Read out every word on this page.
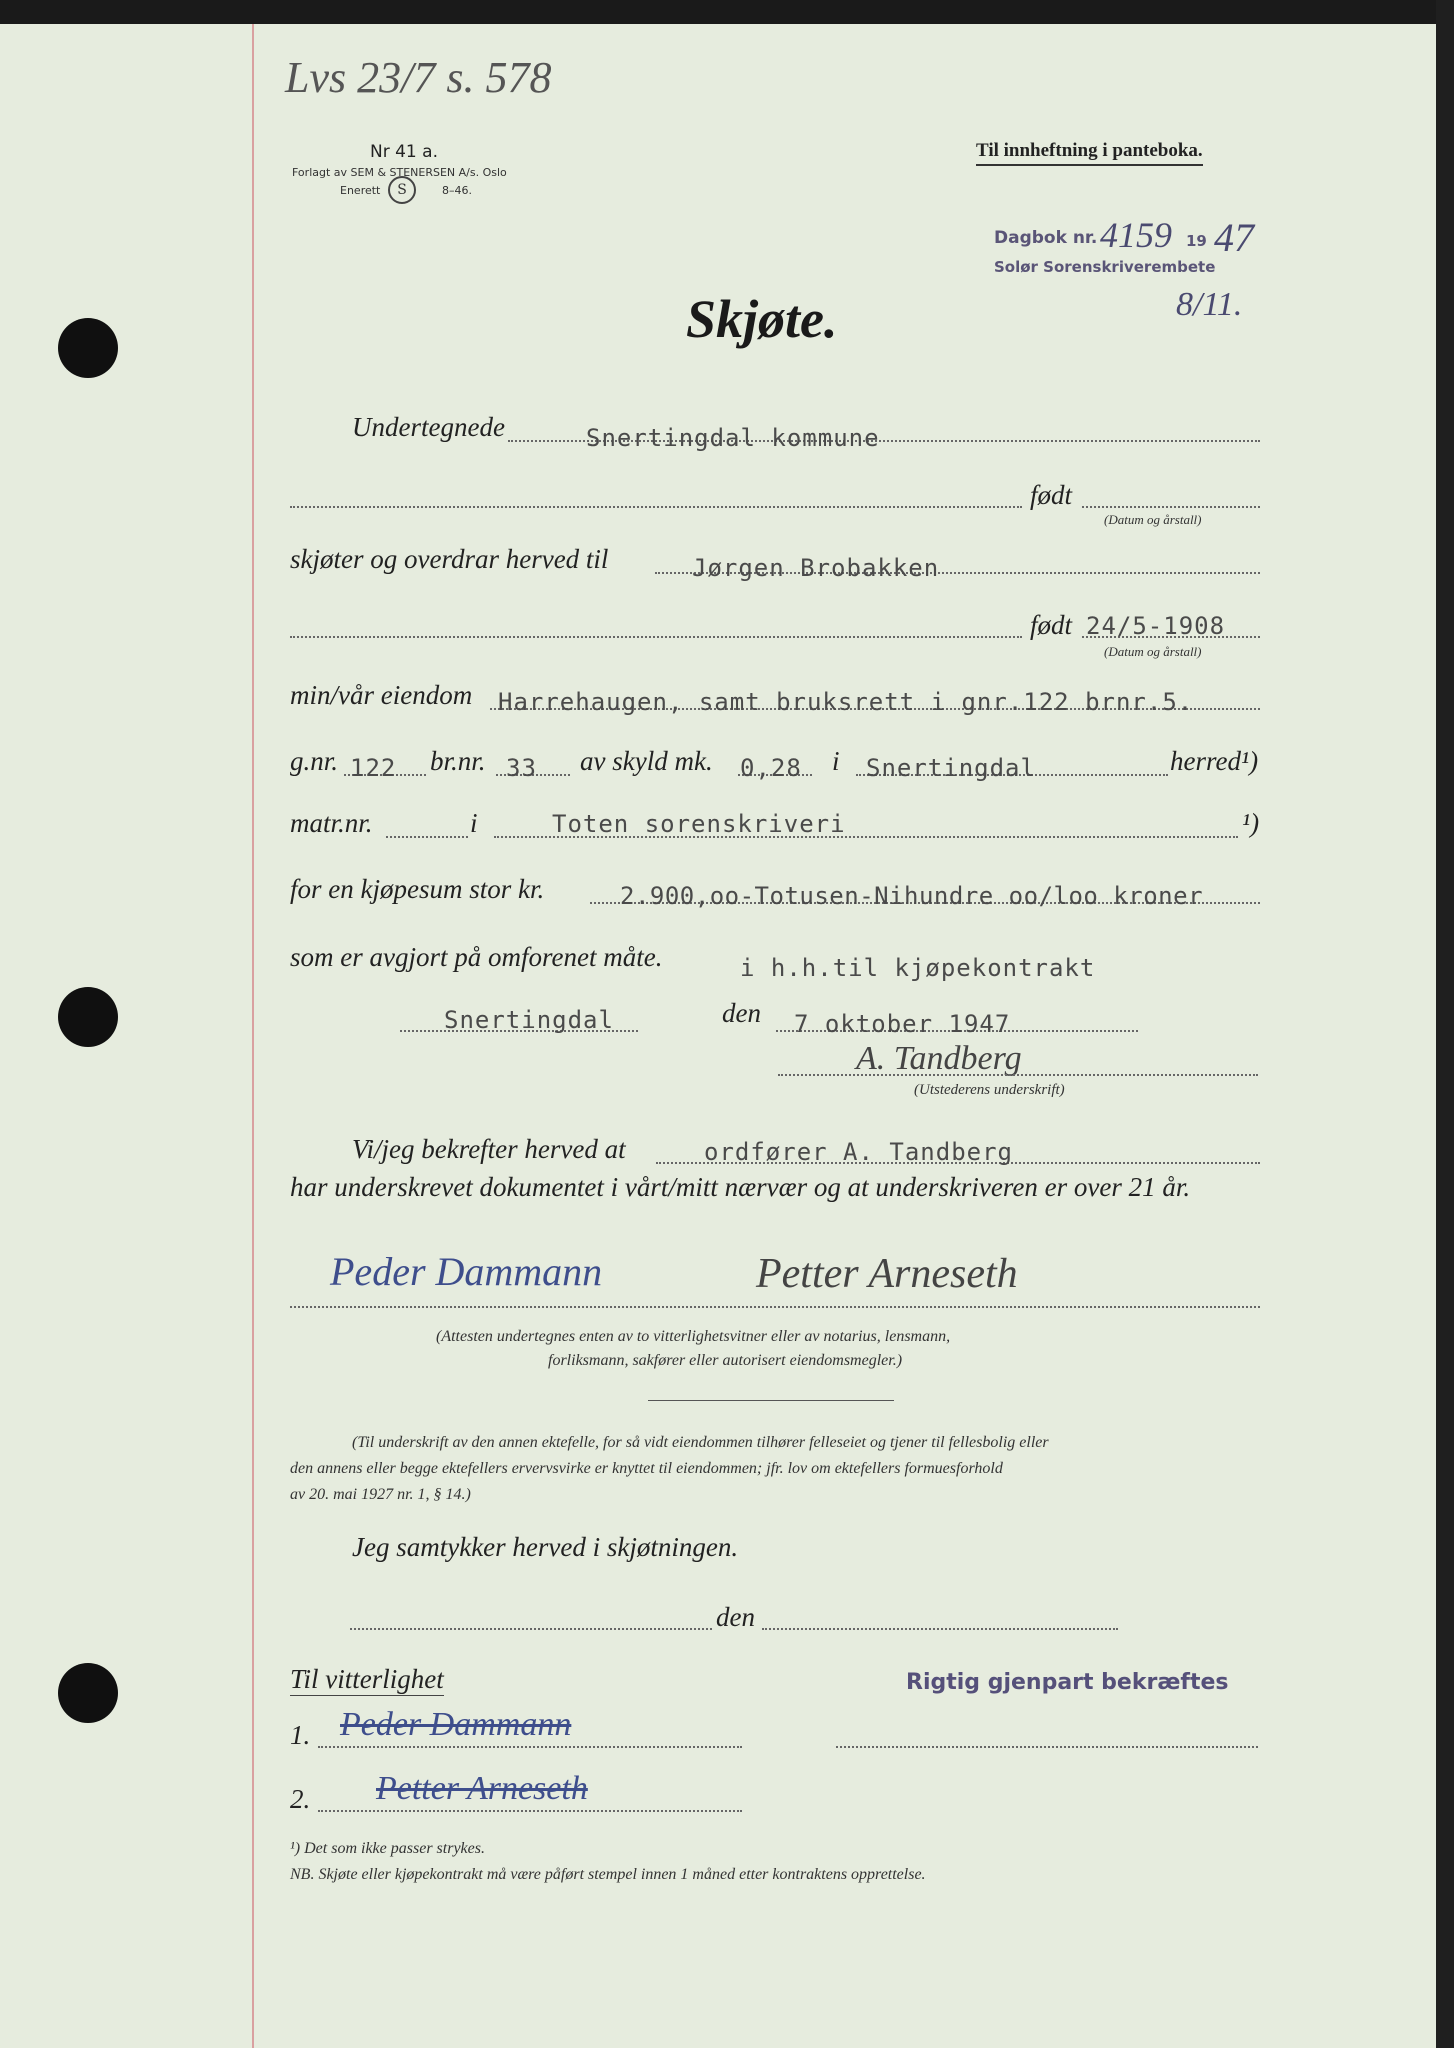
Lvs 23/7 s. 578
Nr 41 a.
Forlagt av SEM & STENERSEN A/s. Oslo
Enerett	S	8–46.
Til innheftning i panteboka.
Dagbok nr. 4159 19 47
Solør Sorenskriverembete
8/11.
Skjøte.
Undertegnede	Snertingdal kommune
født
(Datum og årstall)
skjøter og overdrar herved til	Jørgen Brobakken
født 24/5-1908
(Datum og årstall)
min/vår eiendom Harrehaugen, samt bruksrett i gnr.122 brnr.5.
g.nr. 122 br.nr. 33 av skyld mk. 0,28 i Snertingdal	herred¹)
matr.nr.	i	Toten sorenskriveri	¹)
for en kjøpesum stor kr.	2.900,oo-Totusen-Nihundre oo/loo kroner
som er avgjort på omforenet måte.	i h.h.til kjøpekontrakt
Snertingdal	den 7 oktober 1947
A. Tandberg
(Utstederens underskrift)
Vi/jeg bekrefter herved at	ordfører A. Tandberg
har underskrevet dokumentet i vårt/mitt nærvær og at underskriveren er over 21 år.
Peder Dammann	Petter Arneseth
(Attesten undertegnes enten av to vitterlighetsvitner eller av notarius, lensmann,
forliksmann, sakfører eller autorisert eiendomsmegler.)
(Til underskrift av den annen ektefelle, for så vidt eiendommen tilhører felleseiet og tjener til fellesbolig eller
den annens eller begge ektefellers ervervsvirke er knyttet til eiendommen; jfr. lov om ektefellers formuesforhold
av 20. mai 1927 nr. 1, § 14.)
Jeg samtykker herved i skjøtningen.
den
Til vitterlighet	Rigtig gjenpart bekræftes
1. Peder Dammann
2. Petter Arneseth
¹) Det som ikke passer strykes.
NB. Skjøte eller kjøpekontrakt må være påført stempel innen 1 måned etter kontraktens opprettelse.
